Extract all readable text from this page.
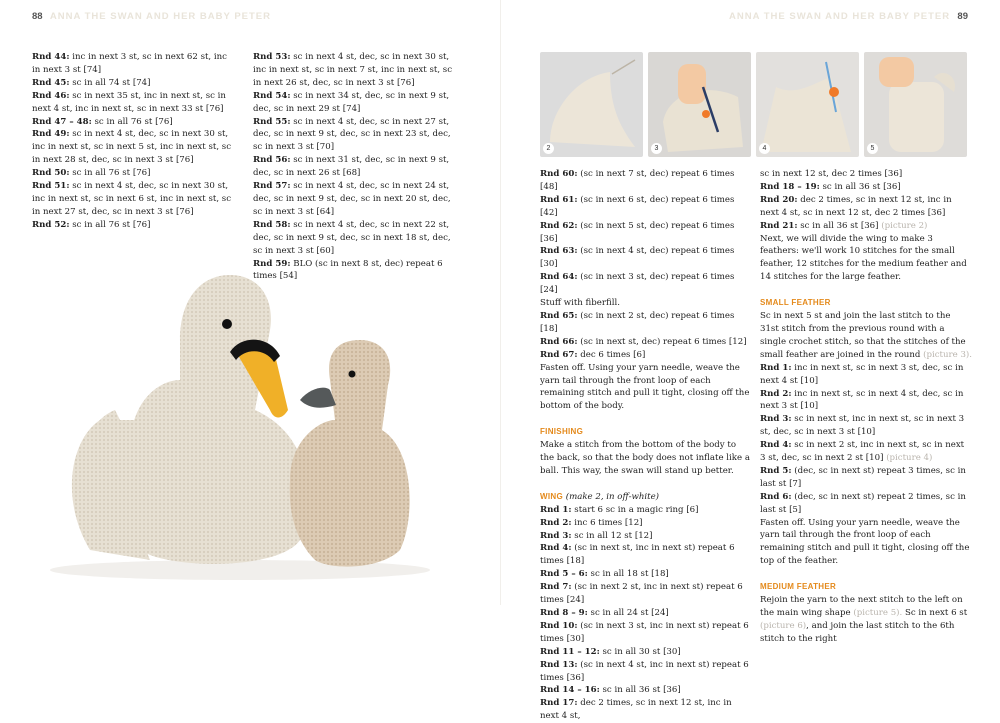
88 ANNA THE SWAN AND HER BABY PETER	ANNA THE SWAN AND HER BABY PETER 89
Rnd 44: inc in next 3 st, sc in next 62 st, inc in next 3 st [74]
Rnd 45: sc in all 74 st [74]
Rnd 46: sc in next 35 st, inc in next st, sc in next 4 st, inc in next st, sc in next 33 st [76]
Rnd 47 – 48: sc in all 76 st [76]
Rnd 49: sc in next 4 st, dec, sc in next 30 st, inc in next st, sc in next 5 st, inc in next st, sc in next 28 st, dec, sc in next 3 st [76]
Rnd 50: sc in all 76 st [76]
Rnd 51: sc in next 4 st, dec, sc in next 30 st, inc in next st, sc in next 6 st, inc in next st, sc in next 27 st, dec, sc in next 3 st [76]
Rnd 52: sc in all 76 st [76]
Rnd 53: sc in next 4 st, dec, sc in next 30 st, inc in next st, sc in next 7 st, inc in next st, sc in next 26 st, dec, sc in next 3 st [76]
Rnd 54: sc in next 34 st, dec, sc in next 9 st, dec, sc in next 29 st [74]
Rnd 55: sc in next 4 st, dec, sc in next 27 st, dec, sc in next 9 st, dec, sc in next 23 st, dec, sc in next 3 st [70]
Rnd 56: sc in next 31 st, dec, sc in next 9 st, dec, sc in next 26 st [68]
Rnd 57: sc in next 4 st, dec, sc in next 24 st, dec, sc in next 9 st, dec, sc in next 20 st, dec, sc in next 3 st [64]
Rnd 58: sc in next 4 st, dec, sc in next 22 st, dec, sc in next 9 st, dec, sc in next 18 st, dec, sc in next 3 st [60]
Rnd 59: BLO (sc in next 8 st, dec) repeat 6 times [54]
2	3	4	5
Rnd 60: (sc in next 7 st, dec) repeat 6 times [48]
Rnd 61: (sc in next 6 st, dec) repeat 6 times [42]
Rnd 62: (sc in next 5 st, dec) repeat 6 times [36]
Rnd 63: (sc in next 4 st, dec) repeat 6 times [30]
Rnd 64: (sc in next 3 st, dec) repeat 6 times [24]
Stuff with fiberfill.
Rnd 65: (sc in next 2 st, dec) repeat 6 times [18]
Rnd 66: (sc in next st, dec) repeat 6 times [12]
Rnd 67: dec 6 times [6]
Fasten off. Using your yarn needle, weave the yarn tail through the front loop of each remaining stitch and pull it tight, closing off the bottom of the body.
FINISHING
Make a stitch from the bottom of the body to the back, so that the body does not inflate like a ball. This way, the swan will stand up better.
WING (make 2, in off-white)
Rnd 1: start 6 sc in a magic ring [6]
Rnd 2: inc 6 times [12]
Rnd 3: sc in all 12 st [12]
Rnd 4: (sc in next st, inc in next st) repeat 6 times [18]
Rnd 5 – 6: sc in all 18 st [18]
Rnd 7: (sc in next 2 st, inc in next st) repeat 6 times [24]
Rnd 8 – 9: sc in all 24 st [24]
Rnd 10: (sc in next 3 st, inc in next st) repeat 6 times [30]
Rnd 11 – 12: sc in all 30 st [30]
Rnd 13: (sc in next 4 st, inc in next st) repeat 6 times [36]
Rnd 14 – 16: sc in all 36 st [36]
Rnd 17: dec 2 times, sc in next 12 st, inc in next 4 st,
sc in next 12 st, dec 2 times [36]
Rnd 18 – 19: sc in all 36 st [36]
Rnd 20: dec 2 times, sc in next 12 st, inc in next 4 st, sc in next 12 st, dec 2 times [36]
Rnd 21: sc in all 36 st [36] (picture 2)
Next, we will divide the wing to make 3 feathers: we'll work 10 stitches for the small feather, 12 stitches for the medium feather and 14 stitches for the large feather.
SMALL FEATHER
Sc in next 5 st and join the last stitch to the 31st stitch from the previous round with a single crochet stitch, so that the stitches of the small feather are joined in the round (picture 3).
Rnd 1: inc in next st, sc in next 3 st, dec, sc in next 4 st [10]
Rnd 2: inc in next st, sc in next 4 st, dec, sc in next 3 st [10]
Rnd 3: sc in next st, inc in next st, sc in next 3 st, dec, sc in next 3 st [10]
Rnd 4: sc in next 2 st, inc in next st, sc in next 3 st, dec, sc in next 2 st [10] (picture 4)
Rnd 5: (dec, sc in next st) repeat 3 times, sc in last st [7]
Rnd 6: (dec, sc in next st) repeat 2 times, sc in last st [5]
Fasten off. Using your yarn needle, weave the yarn tail through the front loop of each remaining stitch and pull it tight, closing off the top of the feather.
MEDIUM FEATHER
Rejoin the yarn to the next stitch to the left on the main wing shape (picture 5). Sc in next 6 st (picture 6), and join the last stitch to the 6th stitch to the right
